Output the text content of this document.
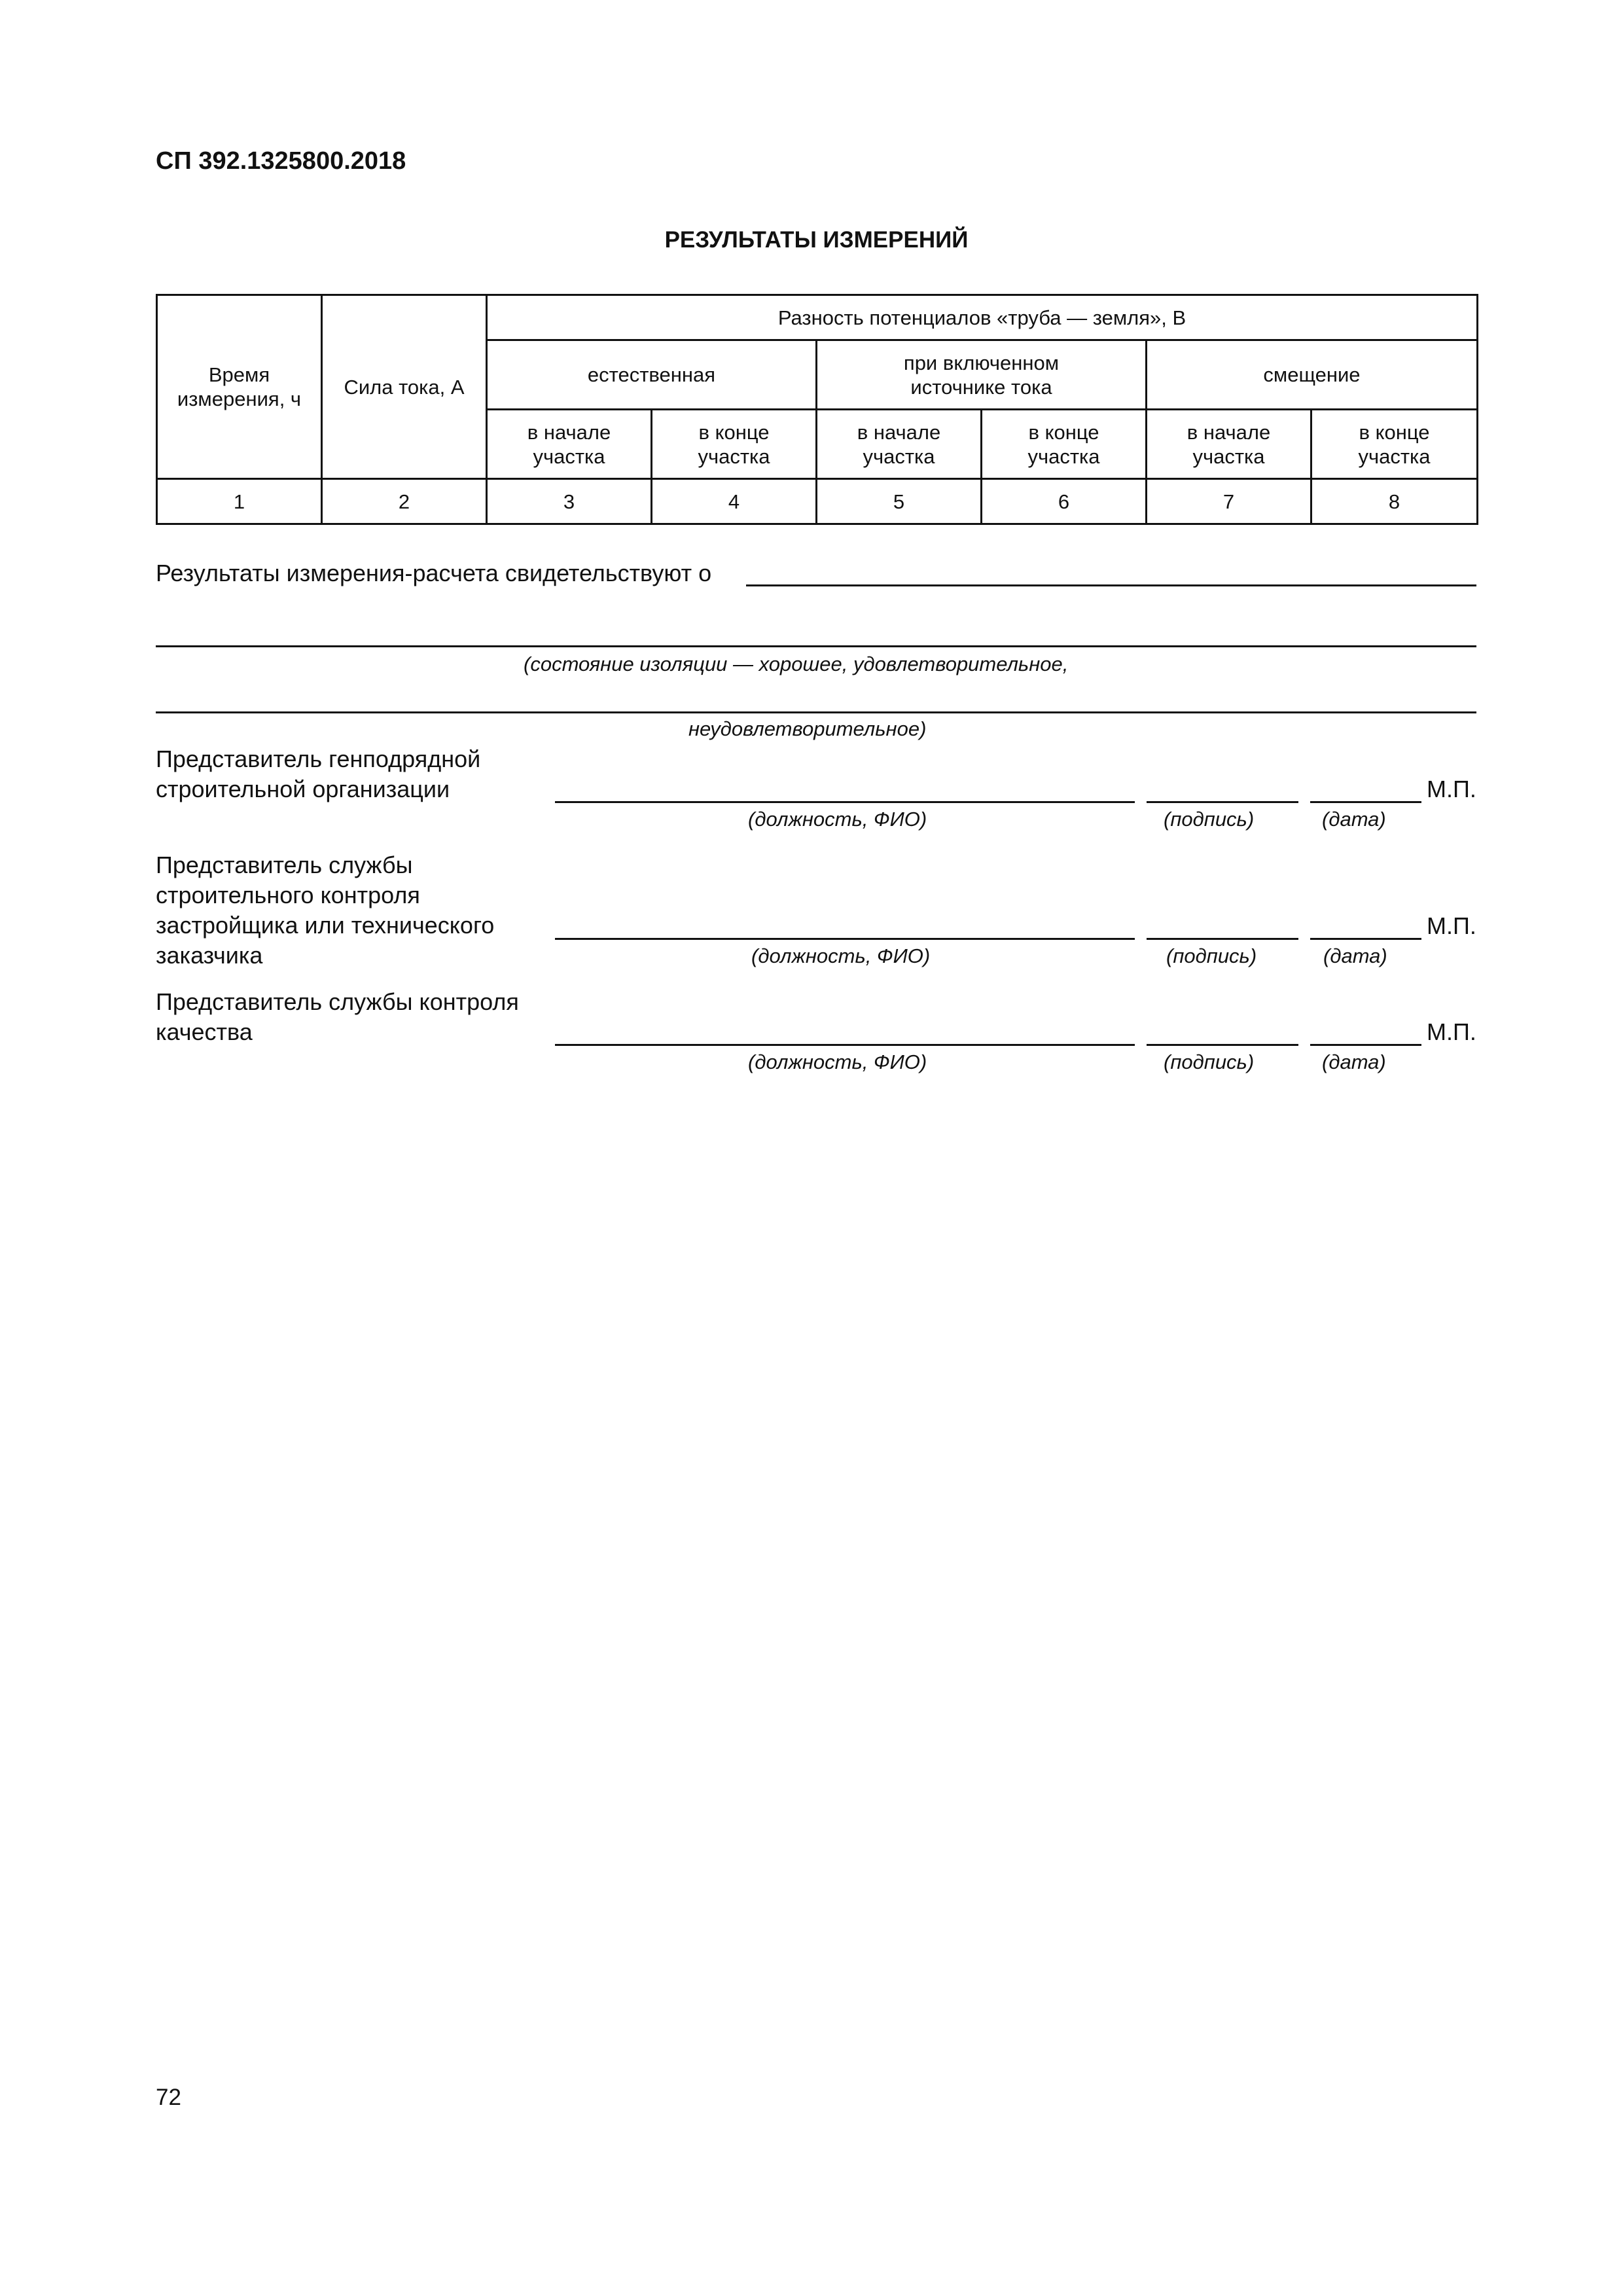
СП 392.1325800.2018
РЕЗУЛЬТАТЫ ИЗМЕРЕНИЙ
Время измерения, ч	Сила тока, А	Разность потенциалов «труба — земля», В					
		естественная		при включенном источнике тока		смещение	
		в начале участка	в конце участка	в начале участка	в конце участка	в начале участка	в конце участка
1	2	3	4	5	6	7	8
Результаты измерения-расчета свидетельствуют о
(состояние изоляции — хорошее, удовлетворительное,
неудовлетворительное)
Представитель генподрядной строительной организации	М.П.
(должность, ФИО)	(подпись)	(дата)
Представитель службы строительного контроля застройщика или технического заказчика
М.П.
(должность, ФИО)	(подпись)	(дата)
Представитель службы контроля качества	М.П.
(должность, ФИО)	(подпись)	(дата)
72
